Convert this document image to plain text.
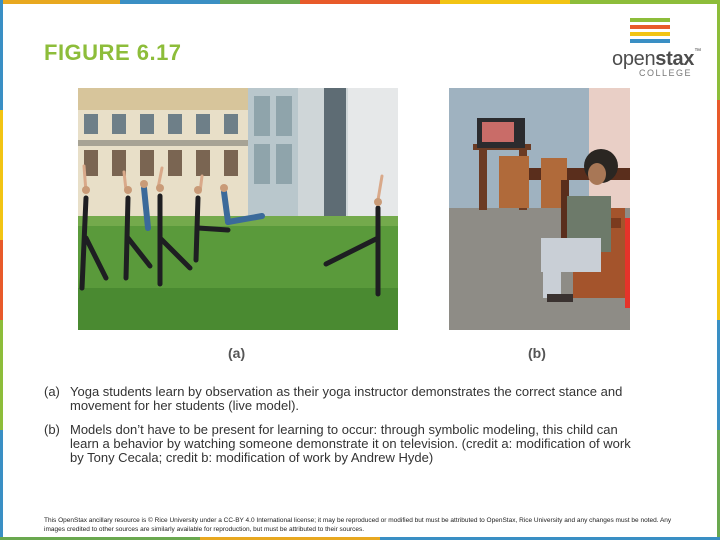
FIGURE 6.17	openstax™
COLLEGE
(a)	(b)
(a) Yoga students learn by observation as their yoga instructor demonstrates the correct stance and movement for her students (live model).
(b) Models don’t have to be present for learning to occur: through symbolic modeling, this child can learn a behavior by watching someone demonstrate it on television. (credit a: modification of work by Tony Cecala; credit b: modification of work by Andrew Hyde)
This OpenStax ancillary resource is © Rice University under a CC-BY 4.0 International license; it may be reproduced or modified but must be attributed to OpenStax, Rice University and any changes must be noted. Any images credited to other sources are similarly available for reproduction, but must be attributed to their sources.
